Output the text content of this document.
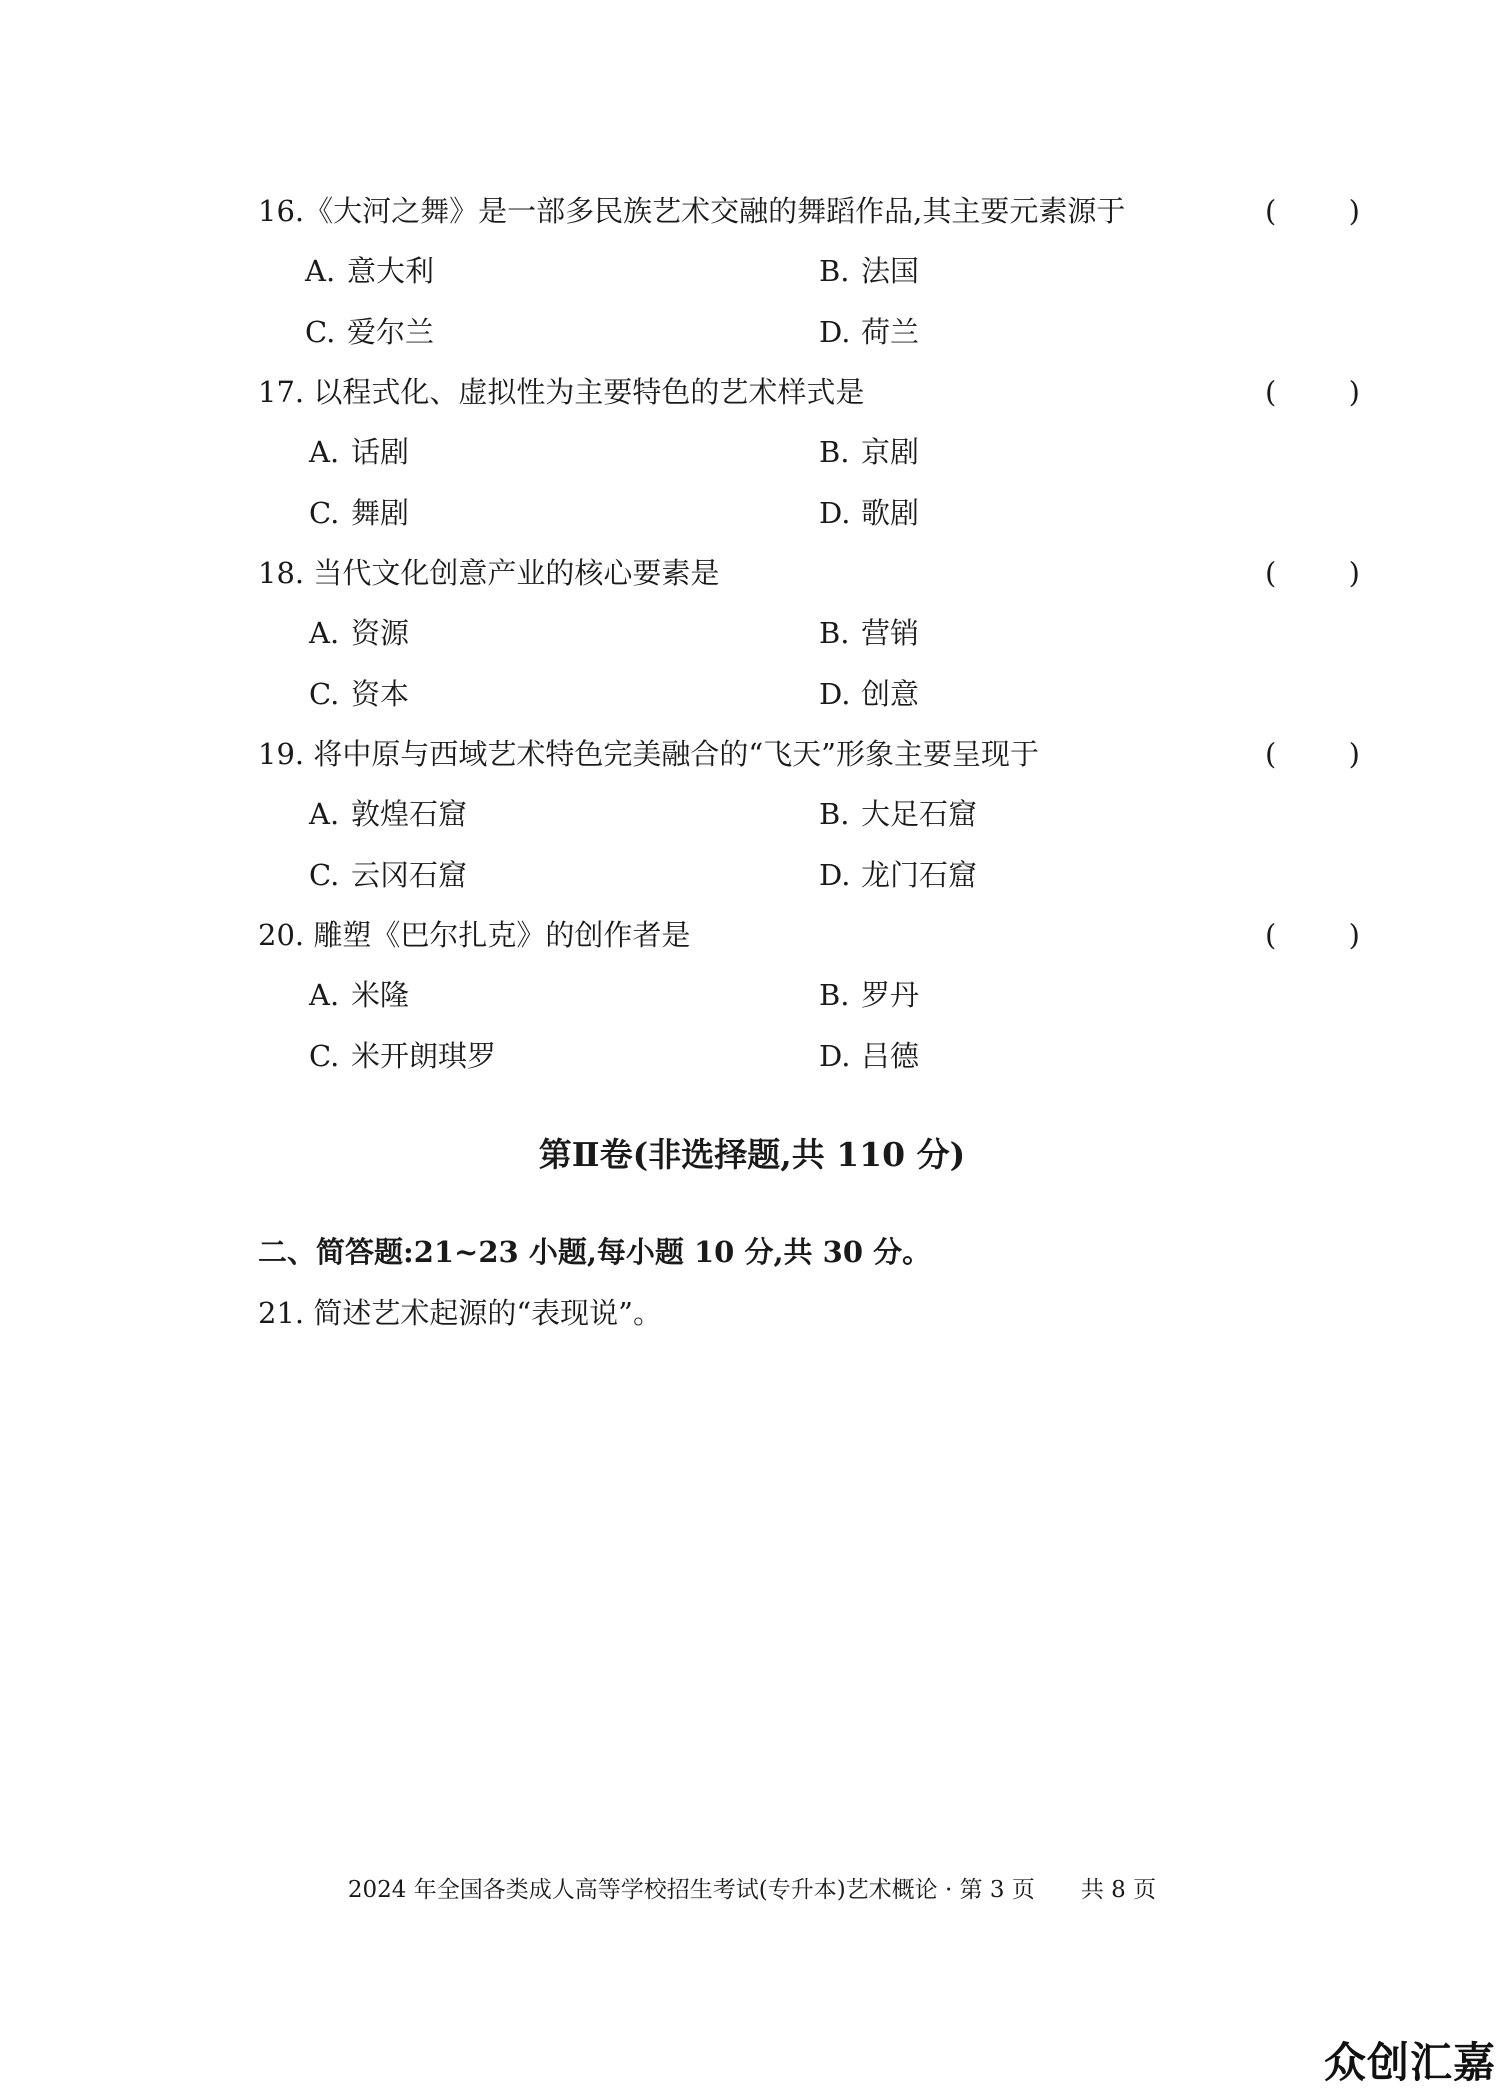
16.《大河之舞》是一部多民族艺术交融的舞蹈作品,其主要元素源于	( )
A. 意大利	B. 法国
C. 爱尔兰	D. 荷兰
17. 以程式化、虚拟性为主要特色的艺术样式是	( )
A. 话剧	B. 京剧
C. 舞剧	D. 歌剧
18. 当代文化创意产业的核心要素是	( )
A. 资源	B. 营销
C. 资本	D. 创意
19. 将中原与西域艺术特色完美融合的“飞天”形象主要呈现于	( )
A. 敦煌石窟	B. 大足石窟
C. 云冈石窟	D. 龙门石窟
20. 雕塑《巴尔扎克》的创作者是	( )
A. 米隆	B. 罗丹
C. 米开朗琪罗	D. 吕德
第Ⅱ卷(非选择题,共 110 分)
二、简答题:21~23 小题,每小题 10 分,共 30 分。
21. 简述艺术起源的“表现说”。
2024 年全国各类成人高等学校招生考试(专升本)艺术概论 · 第 3 页　　共 8 页
众创汇嘉
